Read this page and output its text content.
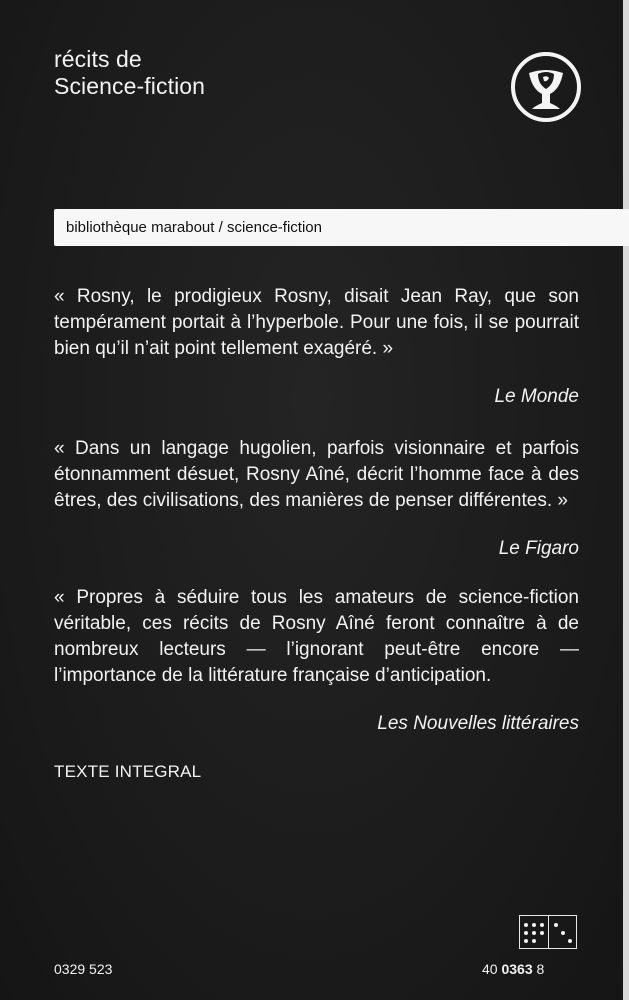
récits de
Science-fiction
bibliothèque marabout / science-fiction

« Rosny, le prodigieux Rosny, disait Jean Ray, que son tempérament portait à l’hyperbole. Pour une fois, il se pourrait bien qu’il n’ait point tellement exagéré. »

Le Monde

« Dans un langage hugolien, parfois visionnaire et parfois étonnamment désuet, Rosny Aîné, décrit l’homme face à des êtres, des civilisations, des manières de penser différentes. »

Le Figaro

« Propres à séduire tous les amateurs de science-fiction véritable, ces récits de Rosny Aîné feront connaître à de nombreux lecteurs — l’ignorant peut-être encore — l’importance de la littérature française d’anticipation.

Les Nouvelles littéraires

TEXTE INTEGRAL
0329 523	40 0363 8
